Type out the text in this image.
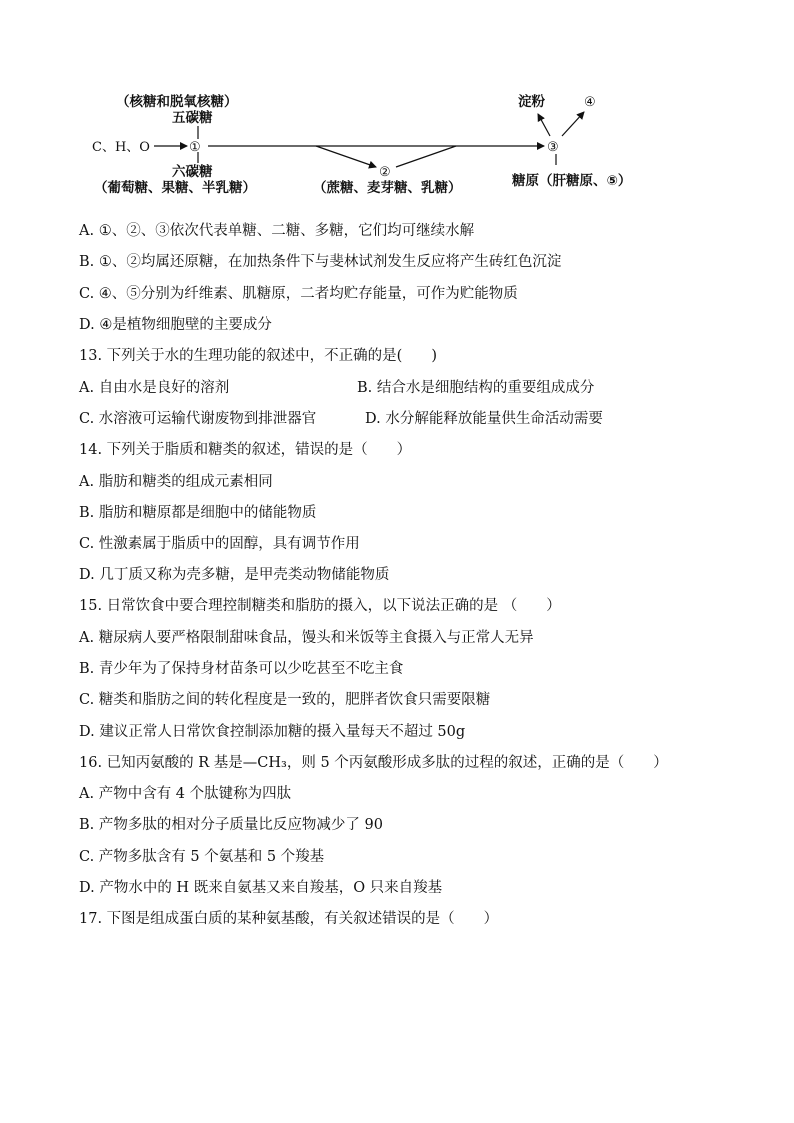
（核糖和脱氧核糖）
五碳糖
C、H、O	①
六碳糖
（葡萄糖、果糖、半乳糖）
②
（蔗糖、麦芽糖、乳糖）
③
淀粉	④
糖原（肝糖原、⑤）
A. ①、②、③依次代表单糖、二糖、多糖，它们均可继续水解
B. ①、②均属还原糖，在加热条件下与斐林试剂发生反应将产生砖红色沉淀
C. ④、⑤分别为纤维素、肌糖原，二者均贮存能量，可作为贮能物质
D. ④是植物细胞壁的主要成分
13. 下列关于水的生理功能的叙述中，不正确的是(　　)
A. 自由水是良好的溶剂	B. 结合水是细胞结构的重要组成成分
C. 水溶液可运输代谢废物到排泄器官	D. 水分解能释放能量供生命活动需要
14. 下列关于脂质和糖类的叙述，错误的是（　　）
A. 脂肪和糖类的组成元素相同
B. 脂肪和糖原都是细胞中的储能物质
C. 性激素属于脂质中的固醇，具有调节作用
D. 几丁质又称为壳多糖，是甲壳类动物储能物质
15. 日常饮食中要合理控制糖类和脂肪的摄入，以下说法正确的是 （　　）
A. 糖尿病人要严格限制甜味食品，馒头和米饭等主食摄入与正常人无异
B. 青少年为了保持身材苗条可以少吃甚至不吃主食
C. 糖类和脂肪之间的转化程度是一致的，肥胖者饮食只需要限糖
D. 建议正常人日常饮食控制添加糖的摄入量每天不超过 50g
16. 已知丙氨酸的 R 基是—CH₃，则 5 个丙氨酸形成多肽的过程的叙述，正确的是（　　）
A. 产物中含有 4 个肽键称为四肽
B. 产物多肽的相对分子质量比反应物减少了 90
C. 产物多肽含有 5 个氨基和 5 个羧基
D. 产物水中的 H 既来自氨基又来自羧基，O 只来自羧基
17. 下图是组成蛋白质的某种氨基酸，有关叙述错误的是（　　）
